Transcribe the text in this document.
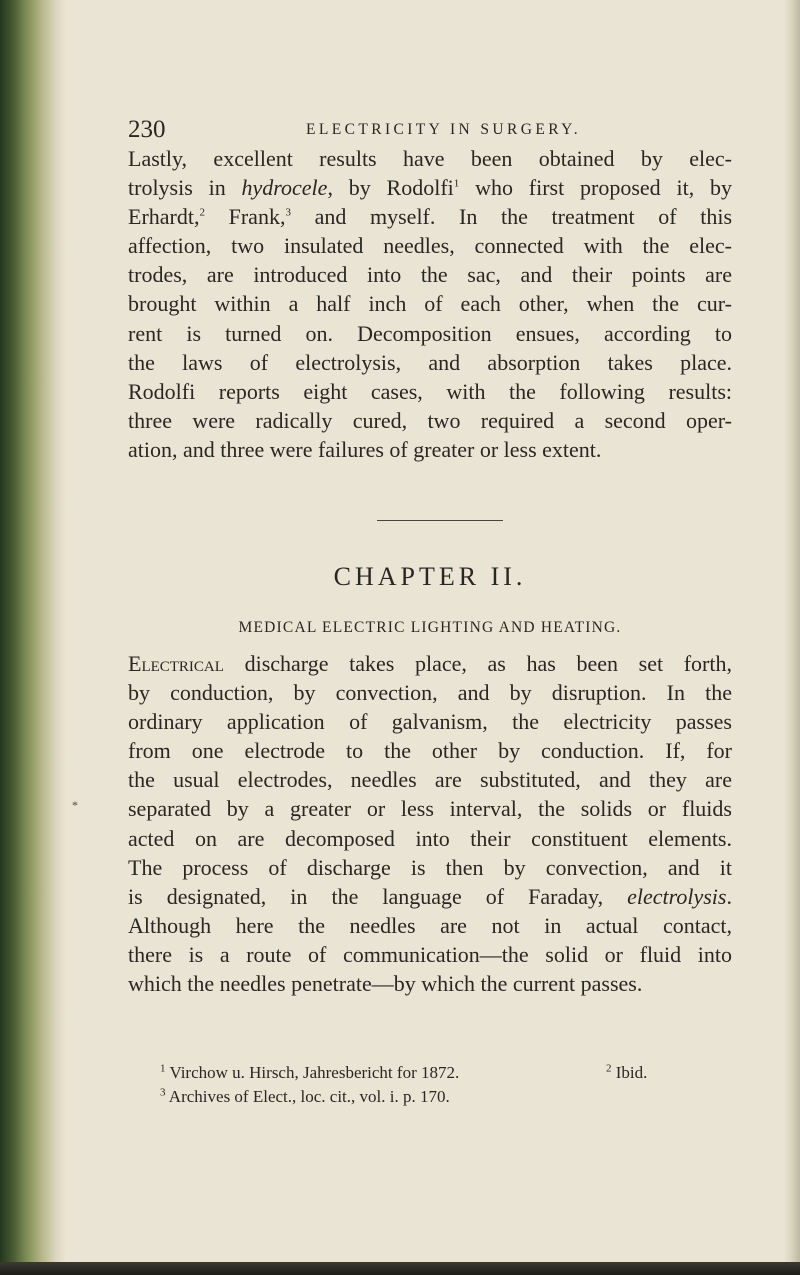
230	ELECTRICITY IN SURGERY.
Lastly, excellent results have been obtained by elec-
trolysis in hydrocele, by Rodolfi$^1$ who first proposed it, by
Erhardt,$^2$ Frank,$^3$ and myself. In the treatment of this
affection, two insulated needles, connected with the elec-
trodes, are introduced into the sac, and their points are
brought within a half inch of each other, when the cur-
rent is turned on. Decomposition ensues, according to
the laws of electrolysis, and absorption takes place.
Rodolfi reports eight cases, with the following results:
three were radically cured, two required a second oper-
ation, and three were failures of greater or less extent.
CHAPTER II.
MEDICAL ELECTRIC LIGHTING AND HEATING.
Electrical discharge takes place, as has been set forth,
by conduction, by convection, and by disruption. In the
ordinary application of galvanism, the electricity passes
from one electrode to the other by conduction. If, for
the usual electrodes, needles are substituted, and they are
separated by a greater or less interval, the solids or fluids
acted on are decomposed into their constituent elements.
The process of discharge is then by convection, and it
is designated, in the language of Faraday, electrolysis.
Although here the needles are not in actual contact,
there is a route of communication—the solid or fluid into
which the needles penetrate—by which the current passes.
*
$^1$ Virchow u. Hirsch, Jahresbericht for 1872.	$^2$ Ibid.
$^3$ Archives of Elect., loc. cit., vol. i. p. 170.
